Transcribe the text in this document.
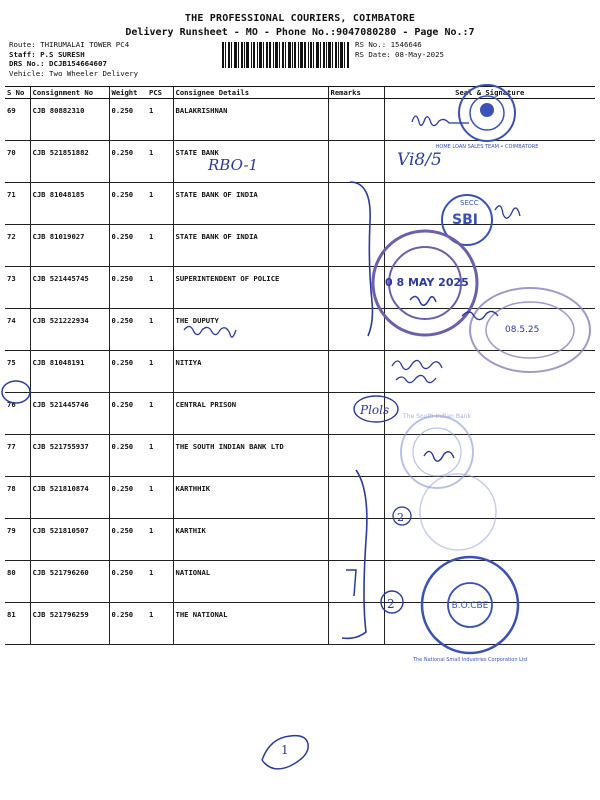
THE PROFESSIONAL COURIERS, COIMBATORE
Delivery Runsheet - MO - Phone No.:9047080280 - Page No.:7
Route: THIRUMALAI TOWER PC4
Staff: P.S SURESH
DRS No.: DCJB154664607
Vehicle: Two Wheeler Delivery
RS No.: 1546646
RS Date: 08-May-2025
S No	Consignment No	Weight	PCS	Consignee Details	Remarks	Seal & Signature
69	CJB 80882310	0.250	1	BALAKRISHNAN		
70	CJB 521851882	0.250	1	STATE BANK		
71	CJB 81048185	0.250	1	STATE BANK OF INDIA		
72	CJB 81019027	0.250	1	STATE BANK OF INDIA		
73	CJB 521445745	0.250	1	SUPERINTENDENT OF POLICE		
74	CJB 521222934	0.250	1	THE DUPUTY		
75	CJB 81048191	0.250	1	NITIYA		
76	CJB 521445746	0.250	1	CENTRAL PRISON		
77	CJB 521755937	0.250	1	THE SOUTH INDIAN BANK LTD		
78	CJB 521810874	0.250	1	KARTHHIK		
79	CJB 521810507	0.250	1	KARTHIK		
80	CJB 521796260	0.250	1	NATIONAL		
81	CJB 521796259	0.250	1	THE NATIONAL		
HOME LOAN SALES TEAM • COIMBATORE
RBO-1	Vi8/5
SECC
SBI
0 8 MAY 2025
08.5.25
Plols The South Indian Bank
2
B.O.CBE
The National Small Industries Corporation Ltd
2
1
